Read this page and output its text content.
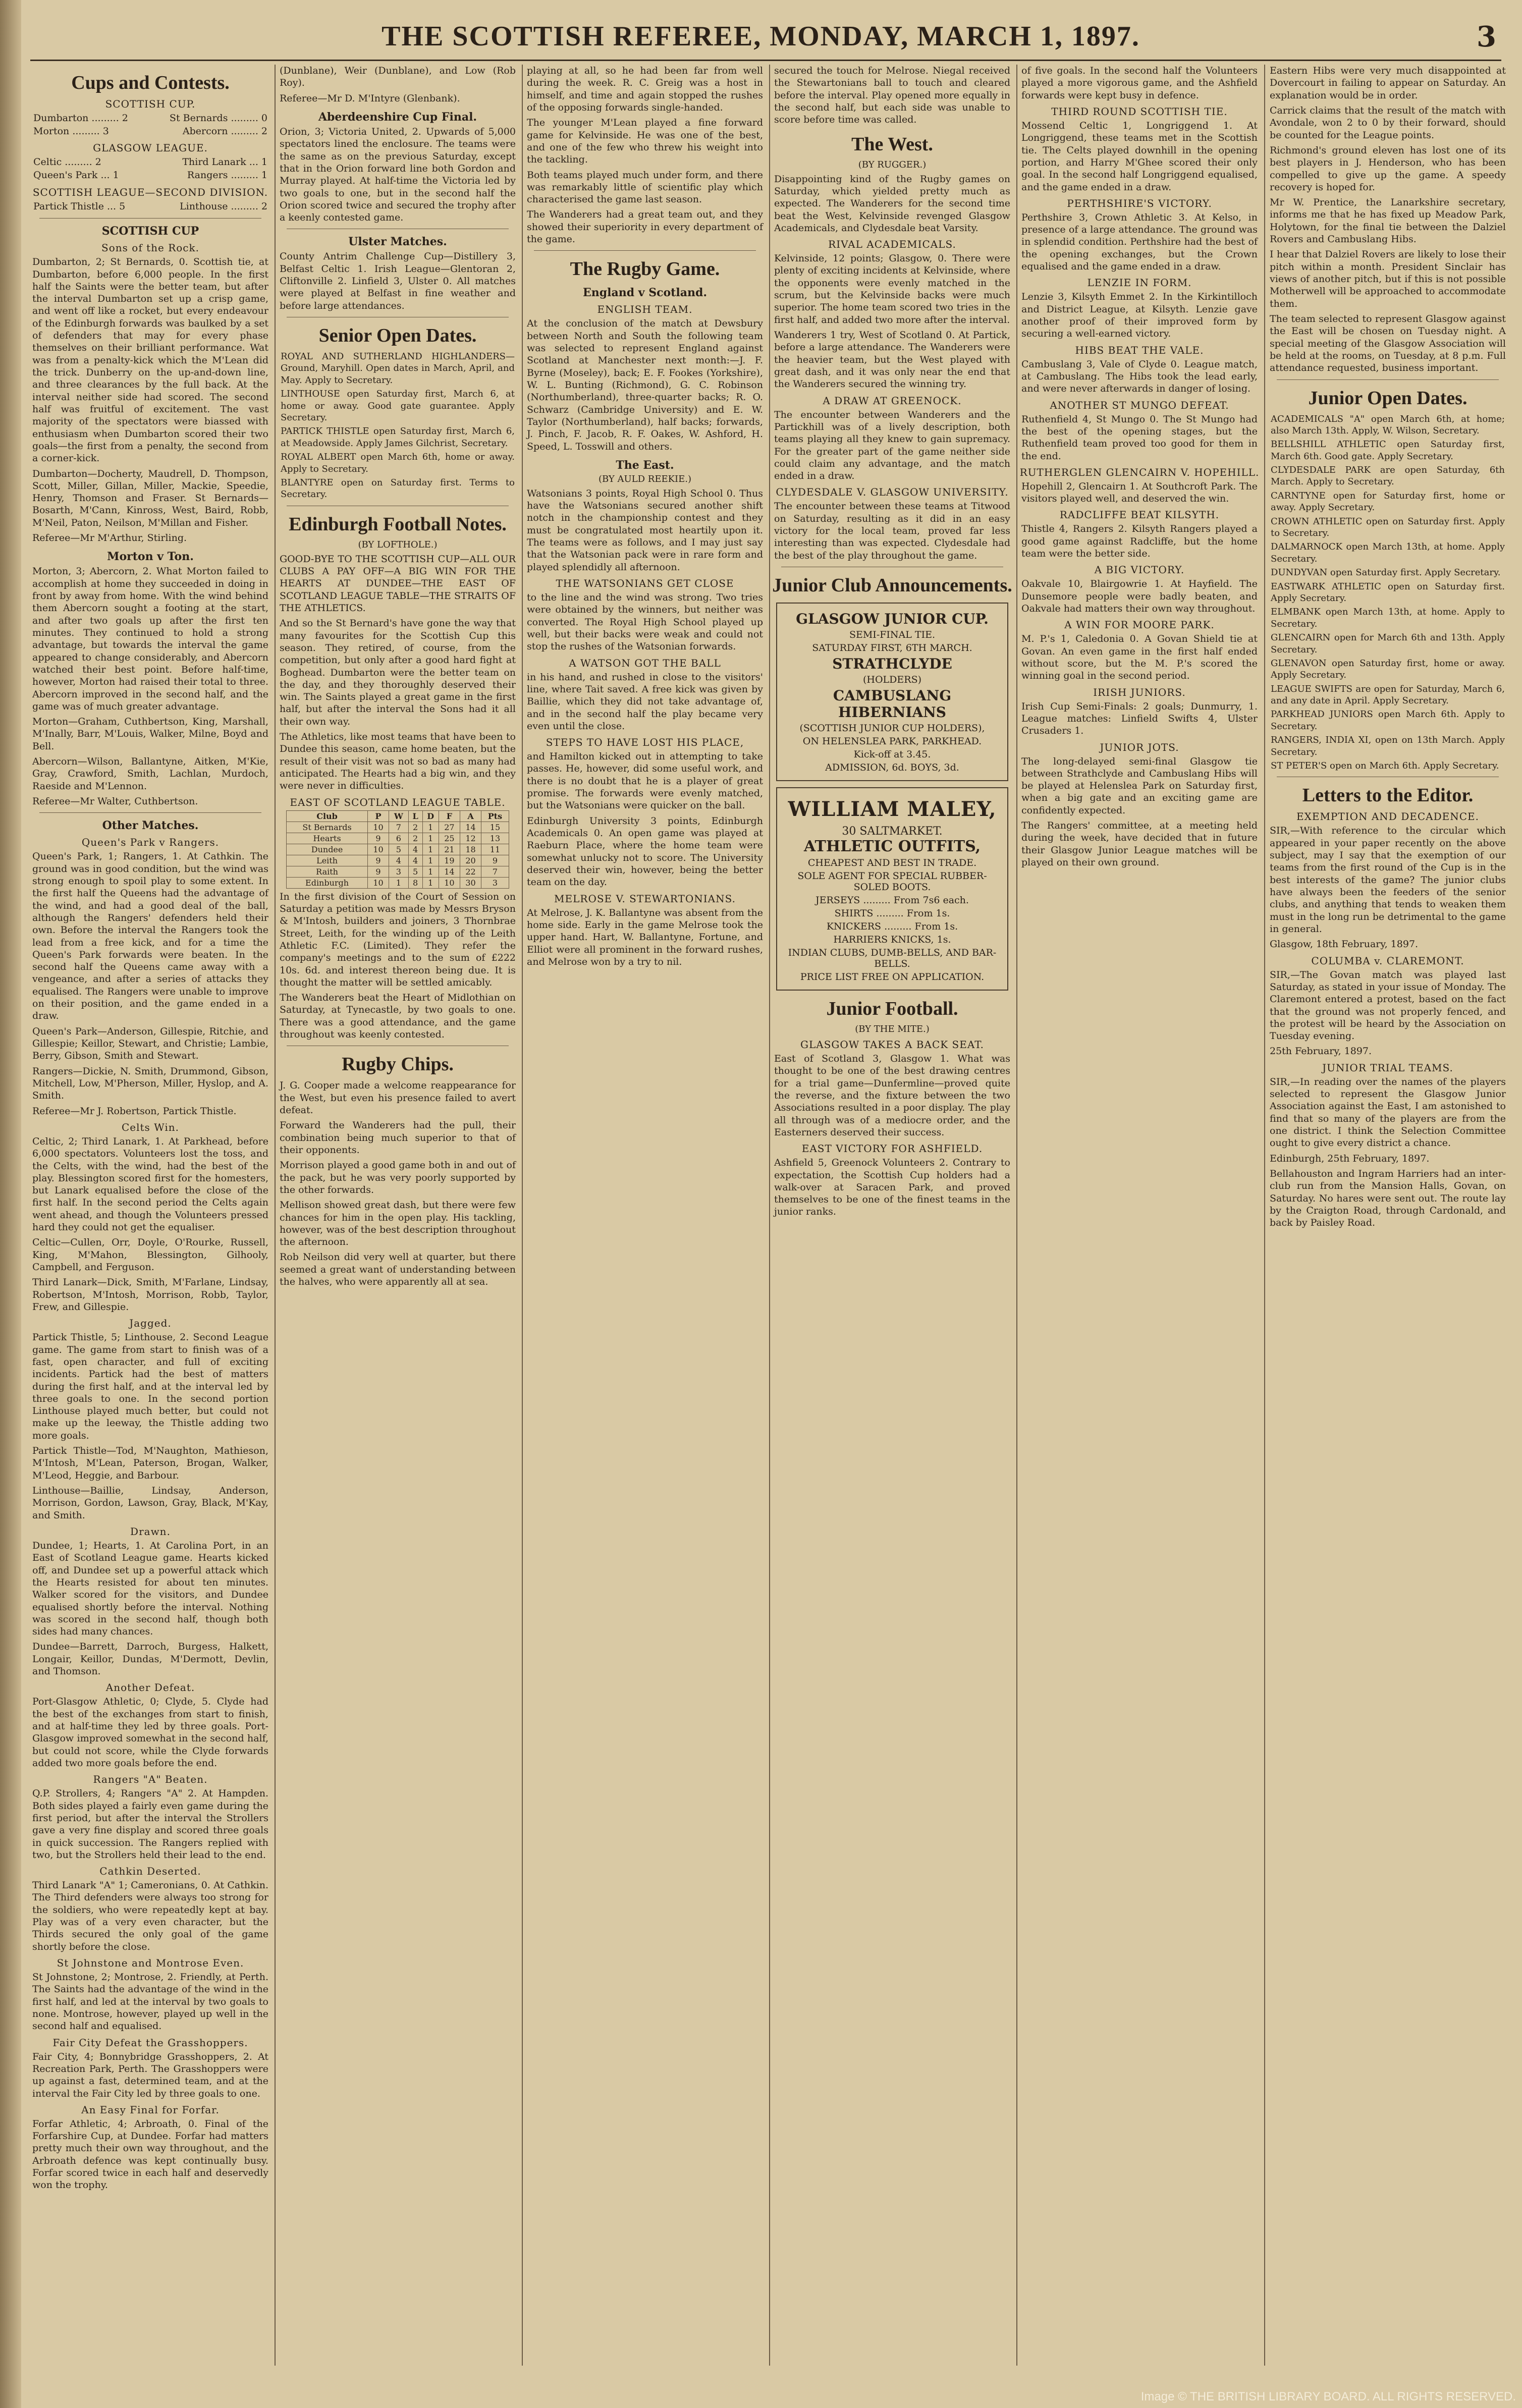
THE SCOTTISH REFEREE, MONDAY, MARCH 1, 1897.	3
Cups and Contests.
SCOTTISH CUP.
Dumbarton ......... 2	St Bernards ......... 0
Morton ......... 3	Abercorn ......... 2
GLASGOW LEAGUE.
Celtic ......... 2	Third Lanark ... 1
Queen's Park ... 1	Rangers ......... 1
SCOTTISH LEAGUE—SECOND DIVISION.
Partick Thistle ... 5	Linthouse ......... 2
SCOTTISH CUP
Sons of the Rock.

Dumbarton, 2; St Bernards, 0. Scottish tie, at Dumbarton, before 6,000 people. In the first half the Saints were the better team, but after the interval Dumbarton set up a crisp game, and went off like a rocket, but every endeavour of the Edinburgh forwards was baulked by a set of defenders that may for every phase themselves on their brilliant performance. Wat was from a penalty-kick which the M'Lean did the trick. Dunberry on the up-and-down line, and three clearances by the full back. At the interval neither side had scored. The second half was fruitful of excitement. The vast majority of the spectators were biassed with enthusiasm when Dumbarton scored their two goals—the first from a penalty, the second from a corner-kick.

Dumbarton—Docherty, Maudrell, D. Thompson, Scott, Miller, Gillan, Miller, Mackie, Speedie, Henry, Thomson and Fraser. St Bernards—Bosarth, M'Cann, Kinross, West, Baird, Robb, M'Neil, Paton, Neilson, M'Millan and Fisher.

Referee—Mr M'Arthur, Stirling.

Morton v Ton.

Morton, 3; Abercorn, 2. What Morton failed to accomplish at home they succeeded in doing in front by away from home. With the wind behind them Abercorn sought a footing at the start, and after two goals up after the first ten minutes. They continued to hold a strong advantage, but towards the interval the game appeared to change considerably, and Abercorn watched their best point. Before half-time, however, Morton had raised their total to three. Abercorn improved in the second half, and the game was of much greater advantage.

Morton—Graham, Cuthbertson, King, Marshall, M'Inally, Barr, M'Louis, Walker, Milne, Boyd and Bell.

Abercorn—Wilson, Ballantyne, Aitken, M'Kie, Gray, Crawford, Smith, Lachlan, Murdoch, Raeside and M'Lennon.

Referee—Mr Walter, Cuthbertson.

Other Matches.
Queen's Park v Rangers.

Queen's Park, 1; Rangers, 1. At Cathkin. The ground was in good condition, but the wind was strong enough to spoil play to some extent. In the first half the Queens had the advantage of the wind, and had a good deal of the ball, although the Rangers' defenders held their own. Before the interval the Rangers took the lead from a free kick, and for a time the Queen's Park forwards were beaten. In the second half the Queens came away with a vengeance, and after a series of attacks they equalised. The Rangers were unable to improve on their position, and the game ended in a draw.

Queen's Park—Anderson, Gillespie, Ritchie, and Gillespie; Keillor, Stewart, and Christie; Lambie, Berry, Gibson, Smith and Stewart.

Rangers—Dickie, N. Smith, Drummond, Gibson, Mitchell, Low, M'Pherson, Miller, Hyslop, and A. Smith.

Referee—Mr J. Robertson, Partick Thistle.

Celts Win.

Celtic, 2; Third Lanark, 1. At Parkhead, before 6,000 spectators. Volunteers lost the toss, and the Celts, with the wind, had the best of the play. Blessington scored first for the homesters, but Lanark equalised before the close of the first half. In the second period the Celts again went ahead, and though the Volunteers pressed hard they could not get the equaliser.

Celtic—Cullen, Orr, Doyle, O'Rourke, Russell, King, M'Mahon, Blessington, Gilhooly, Campbell, and Ferguson.

Third Lanark—Dick, Smith, M'Farlane, Lindsay, Robertson, M'Intosh, Morrison, Robb, Taylor, Frew, and Gillespie.

Jagged.

Partick Thistle, 5; Linthouse, 2. Second League game. The game from start to finish was of a fast, open character, and full of exciting incidents. Partick had the best of matters during the first half, and at the interval led by three goals to one. In the second portion Linthouse played much better, but could not make up the leeway, the Thistle adding two more goals.

Partick Thistle—Tod, M'Naughton, Mathieson, M'Intosh, M'Lean, Paterson, Brogan, Walker, M'Leod, Heggie, and Barbour.

Linthouse—Baillie, Lindsay, Anderson, Morrison, Gordon, Lawson, Gray, Black, M'Kay, and Smith.

Drawn.

Dundee, 1; Hearts, 1. At Carolina Port, in an East of Scotland League game. Hearts kicked off, and Dundee set up a powerful attack which the Hearts resisted for about ten minutes. Walker scored for the visitors, and Dundee equalised shortly before the interval. Nothing was scored in the second half, though both sides had many chances.

Dundee—Barrett, Darroch, Burgess, Halkett, Longair, Keillor, Dundas, M'Dermott, Devlin, and Thomson.

Another Defeat.

Port-Glasgow Athletic, 0; Clyde, 5. Clyde had the best of the exchanges from start to finish, and at half-time they led by three goals. Port-Glasgow improved somewhat in the second half, but could not score, while the Clyde forwards added two more goals before the end.

Rangers "A" Beaten.

Q.P. Strollers, 4; Rangers "A" 2. At Hampden. Both sides played a fairly even game during the first period, but after the interval the Strollers gave a very fine display and scored three goals in quick succession. The Rangers replied with two, but the Strollers held their lead to the end.

Cathkin Deserted.

Third Lanark "A" 1; Cameronians, 0. At Cathkin. The Third defenders were always too strong for the soldiers, who were repeatedly kept at bay. Play was of a very even character, but the Thirds secured the only goal of the game shortly before the close.

St Johnstone and Montrose Even.

St Johnstone, 2; Montrose, 2. Friendly, at Perth. The Saints had the advantage of the wind in the first half, and led at the interval by two goals to none. Montrose, however, played up well in the second half and equalised.

Fair City Defeat the Grasshoppers.

Fair City, 4; Bonnybridge Grasshoppers, 2. At Recreation Park, Perth. The Grasshoppers were up against a fast, determined team, and at the interval the Fair City led by three goals to one.

An Easy Final for Forfar.

Forfar Athletic, 4; Arbroath, 0. Final of the Forfarshire Cup, at Dundee. Forfar had matters pretty much their own way throughout, and the Arbroath defence was kept continually busy. Forfar scored twice in each half and deservedly won the trophy.

(Dunblane), Weir (Dunblane), and Low (Rob Roy).

Referee—Mr D. M'Intyre (Glenbank).

Aberdeenshire Cup Final.

Orion, 3; Victoria United, 2. Upwards of 5,000 spectators lined the enclosure. The teams were the same as on the previous Saturday, except that in the Orion forward line both Gordon and Murray played. At half-time the Victoria led by two goals to one, but in the second half the Orion scored twice and secured the trophy after a keenly contested game.

Ulster Matches.

County Antrim Challenge Cup—Distillery 3, Belfast Celtic 1. Irish League—Glentoran 2, Cliftonville 2. Linfield 3, Ulster 0. All matches were played at Belfast in fine weather and before large attendances.

Senior Open Dates.

ROYAL AND SUTHERLAND HIGHLANDERS—Ground, Maryhill. Open dates in March, April, and May. Apply to Secretary.

LINTHOUSE open Saturday first, March 6, at home or away. Good gate guarantee. Apply Secretary.

PARTICK THISTLE open Saturday first, March 6, at Meadowside. Apply James Gilchrist, Secretary.

ROYAL ALBERT open March 6th, home or away. Apply to Secretary.

BLANTYRE open on Saturday first. Terms to Secretary.

Edinburgh Football Notes.
(BY LOFTHOLE.)

GOOD-BYE TO THE SCOTTISH CUP—ALL OUR CLUBS A PAY OFF—A BIG WIN FOR THE HEARTS AT DUNDEE—THE EAST OF SCOTLAND LEAGUE TABLE—THE STRAITS OF THE ATHLETICS.

And so the St Bernard's have gone the way that many favourites for the Scottish Cup this season. They retired, of course, from the competition, but only after a good hard fight at Boghead. Dumbarton were the better team on the day, and they thoroughly deserved their win. The Saints played a great game in the first half, but after the interval the Sons had it all their own way.

The Athletics, like most teams that have been to Dundee this season, came home beaten, but the result of their visit was not so bad as many had anticipated. The Hearts had a big win, and they were never in difficulties.

EAST OF SCOTLAND LEAGUE TABLE.
Club	P	W	L	D	F	A	Pts
St Bernards	10	7	2	1	27	14	15
Hearts	9	6	2	1	25	12	13
Dundee	10	5	4	1	21	18	11
Leith	9	4	4	1	19	20	9
Raith	9	3	5	1	14	22	7
Edinburgh	10	1	8	1	10	30	3

In the first division of the Court of Session on Saturday a petition was made by Messrs Bryson & M'Intosh, builders and joiners, 3 Thornbrae Street, Leith, for the winding up of the Leith Athletic F.C. (Limited). They refer the company's meetings and to the sum of £222 10s. 6d. and interest thereon being due. It is thought the matter will be settled amicably.

The Wanderers beat the Heart of Midlothian on Saturday, at Tynecastle, by two goals to one. There was a good attendance, and the game throughout was keenly contested.

Rugby Chips.

J. G. Cooper made a welcome reappearance for the West, but even his presence failed to avert defeat.

Forward the Wanderers had the pull, their combination being much superior to that of their opponents.

Morrison played a good game both in and out of the pack, but he was very poorly supported by the other forwards.

Mellison showed great dash, but there were few chances for him in the open play. His tackling, however, was of the best description throughout the afternoon.

Rob Neilson did very well at quarter, but there seemed a great want of understanding between the halves, who were apparently all at sea.

playing at all, so he had been far from well during the week. R. C. Greig was a host in himself, and time and again stopped the rushes of the opposing forwards single-handed.

The younger M'Lean played a fine forward game for Kelvinside. He was one of the best, and one of the few who threw his weight into the tackling.

Both teams played much under form, and there was remarkably little of scientific play which characterised the game last season.

The Wanderers had a great team out, and they showed their superiority in every department of the game.

The Rugby Game.
England v Scotland.
ENGLISH TEAM.

At the conclusion of the match at Dewsbury between North and South the following team was selected to represent England against Scotland at Manchester next month:—J. F. Byrne (Moseley), back; E. F. Fookes (Yorkshire), W. L. Bunting (Richmond), G. C. Robinson (Northumberland), three-quarter backs; R. O. Schwarz (Cambridge University) and E. W. Taylor (Northumberland), half backs; forwards, J. Pinch, F. Jacob, R. F. Oakes, W. Ashford, H. Speed, L. Tosswill and others.

The East.
(BY AULD REEKIE.)

Watsonians 3 points, Royal High School 0. Thus have the Watsonians secured another shift notch in the championship contest and they must be congratulated most heartily upon it. The teams were as follows, and I may just say that the Watsonian pack were in rare form and played splendidly all afternoon.

THE WATSONIANS GET CLOSE

to the line and the wind was strong. Two tries were obtained by the winners, but neither was converted. The Royal High School played up well, but their backs were weak and could not stop the rushes of the Watsonian forwards.

A WATSON GOT THE BALL

in his hand, and rushed in close to the visitors' line, where Tait saved. A free kick was given by Baillie, which they did not take advantage of, and in the second half the play became very even until the close.

STEPS TO HAVE LOST HIS PLACE,

and Hamilton kicked out in attempting to take passes. He, however, did some useful work, and there is no doubt that he is a player of great promise. The forwards were evenly matched, but the Watsonians were quicker on the ball.

Edinburgh University 3 points, Edinburgh Academicals 0. An open game was played at Raeburn Place, where the home team were somewhat unlucky not to score. The University deserved their win, however, being the better team on the day.

MELROSE V. STEWARTONIANS.

At Melrose, J. K. Ballantyne was absent from the home side. Early in the game Melrose took the upper hand. Hart, W. Ballantyne, Fortune, and Elliot were all prominent in the forward rushes, and Melrose won by a try to nil.

secured the touch for Melrose. Niegal received the Stewartonians ball to touch and cleared before the interval. Play opened more equally in the second half, but each side was unable to score before time was called.

The West.
(BY RUGGER.)

Disappointing kind of the Rugby games on Saturday, which yielded pretty much as expected. The Wanderers for the second time beat the West, Kelvinside revenged Glasgow Academicals, and Clydesdale beat Varsity.

RIVAL ACADEMICALS.

Kelvinside, 12 points; Glasgow, 0. There were plenty of exciting incidents at Kelvinside, where the opponents were evenly matched in the scrum, but the Kelvinside backs were much superior. The home team scored two tries in the first half, and added two more after the interval.

Wanderers 1 try, West of Scotland 0. At Partick, before a large attendance. The Wanderers were the heavier team, but the West played with great dash, and it was only near the end that the Wanderers secured the winning try.

A DRAW AT GREENOCK.

The encounter between Wanderers and the Partickhill was of a lively description, both teams playing all they knew to gain supremacy. For the greater part of the game neither side could claim any advantage, and the match ended in a draw.

CLYDESDALE V. GLASGOW UNIVERSITY.

The encounter between these teams at Titwood on Saturday, resulting as it did in an easy victory for the local team, proved far less interesting than was expected. Clydesdale had the best of the play throughout the game.

Junior Club Announcements.
GLASGOW JUNIOR CUP.
SEMI-FINAL TIE.
SATURDAY FIRST, 6TH MARCH.
STRATHCLYDE
(HOLDERS)
CAMBUSLANG HIBERNIANS
(SCOTTISH JUNIOR CUP HOLDERS),
ON HELENSLEA PARK, PARKHEAD.
Kick-off at 3.45.
ADMISSION, 6d. BOYS, 3d.
WILLIAM MALEY,
30 SALTMARKET.
ATHLETIC OUTFITS,
CHEAPEST AND BEST IN TRADE.
SOLE AGENT FOR SPECIAL RUBBER-SOLED BOOTS.
JERSEYS ......... From 7s6 each.
SHIRTS ......... From 1s.
KNICKERS ......... From 1s.
HARRIERS KNICKS, 1s.
INDIAN CLUBS, DUMB-BELLS, AND BAR-BELLS.
PRICE LIST FREE ON APPLICATION.
Junior Football.
(BY THE MITE.)
GLASGOW TAKES A BACK SEAT.

East of Scotland 3, Glasgow 1. What was thought to be one of the best drawing centres for a trial game—Dunfermline—proved quite the reverse, and the fixture between the two Associations resulted in a poor display. The play all through was of a mediocre order, and the Easterners deserved their success.

EAST VICTORY FOR ASHFIELD.

Ashfield 5, Greenock Volunteers 2. Contrary to expectation, the Scottish Cup holders had a walk-over at Saracen Park, and proved themselves to be one of the finest teams in the junior ranks.

of five goals. In the second half the Volunteers played a more vigorous game, and the Ashfield forwards were kept busy in defence.

THIRD ROUND SCOTTISH TIE.

Mossend Celtic 1, Longriggend 1. At Longriggend, these teams met in the Scottish tie. The Celts played downhill in the opening portion, and Harry M'Ghee scored their only goal. In the second half Longriggend equalised, and the game ended in a draw.

PERTHSHIRE'S VICTORY.

Perthshire 3, Crown Athletic 3. At Kelso, in presence of a large attendance. The ground was in splendid condition. Perthshire had the best of the opening exchanges, but the Crown equalised and the game ended in a draw.

LENZIE IN FORM.

Lenzie 3, Kilsyth Emmet 2. In the Kirkintilloch and District League, at Kilsyth. Lenzie gave another proof of their improved form by securing a well-earned victory.

HIBS BEAT THE VALE.

Cambuslang 3, Vale of Clyde 0. League match, at Cambuslang. The Hibs took the lead early, and were never afterwards in danger of losing.

ANOTHER ST MUNGO DEFEAT.

Ruthenfield 4, St Mungo 0. The St Mungo had the best of the opening stages, but the Ruthenfield team proved too good for them in the end.

RUTHERGLEN GLENCAIRN V. HOPEHILL.

Hopehill 2, Glencairn 1. At Southcroft Park. The visitors played well, and deserved the win.

RADCLIFFE BEAT KILSYTH.

Thistle 4, Rangers 2. Kilsyth Rangers played a good game against Radcliffe, but the home team were the better side.

A BIG VICTORY.

Oakvale 10, Blairgowrie 1. At Hayfield. The Dunsemore people were badly beaten, and Oakvale had matters their own way throughout.

A WIN FOR MOORE PARK.

M. P.'s 1, Caledonia 0. A Govan Shield tie at Govan. An even game in the first half ended without score, but the M. P.'s scored the winning goal in the second period.

IRISH JUNIORS.

Irish Cup Semi-Finals: 2 goals; Dunmurry, 1. League matches: Linfield Swifts 4, Ulster Crusaders 1.

JUNIOR JOTS.

The long-delayed semi-final Glasgow tie between Strathclyde and Cambuslang Hibs will be played at Helenslea Park on Saturday first, when a big gate and an exciting game are confidently expected.

The Rangers' committee, at a meeting held during the week, have decided that in future their Glasgow Junior League matches will be played on their own ground.

Eastern Hibs were very much disappointed at Dovercourt in failing to appear on Saturday. An explanation would be in order.

Carrick claims that the result of the match with Avondale, won 2 to 0 by their forward, should be counted for the League points.

Richmond's ground eleven has lost one of its best players in J. Henderson, who has been compelled to give up the game. A speedy recovery is hoped for.

Mr W. Prentice, the Lanarkshire secretary, informs me that he has fixed up Meadow Park, Holytown, for the final tie between the Dalziel Rovers and Cambuslang Hibs.

I hear that Dalziel Rovers are likely to lose their pitch within a month. President Sinclair has views of another pitch, but if this is not possible Motherwell will be approached to accommodate them.

The team selected to represent Glasgow against the East will be chosen on Tuesday night. A special meeting of the Glasgow Association will be held at the rooms, on Tuesday, at 8 p.m. Full attendance requested, business important.

Junior Open Dates.

ACADEMICALS "A" open March 6th, at home; also March 13th. Apply, W. Wilson, Secretary.

BELLSHILL ATHLETIC open Saturday first, March 6th. Good gate. Apply Secretary.

CLYDESDALE PARK are open Saturday, 6th March. Apply to Secretary.

CARNTYNE open for Saturday first, home or away. Apply Secretary.

CROWN ATHLETIC open on Saturday first. Apply to Secretary.

DALMARNOCK open March 13th, at home. Apply Secretary.

DUNDYVAN open Saturday first. Apply Secretary.

EASTWARK ATHLETIC open on Saturday first. Apply Secretary.

ELMBANK open March 13th, at home. Apply to Secretary.

GLENCAIRN open for March 6th and 13th. Apply Secretary.

GLENAVON open Saturday first, home or away. Apply Secretary.

LEAGUE SWIFTS are open for Saturday, March 6, and any date in April. Apply Secretary.

PARKHEAD JUNIORS open March 6th. Apply to Secretary.

RANGERS, INDIA XI, open on 13th March. Apply Secretary.

ST PETER'S open on March 6th. Apply Secretary.

Letters to the Editor.
EXEMPTION AND DECADENCE.

SIR,—With reference to the circular which appeared in your paper recently on the above subject, may I say that the exemption of our teams from the first round of the Cup is in the best interests of the game? The junior clubs have always been the feeders of the senior clubs, and anything that tends to weaken them must in the long run be detrimental to the game in general.

Glasgow, 18th February, 1897.

COLUMBA v. CLAREMONT.

SIR,—The Govan match was played last Saturday, as stated in your issue of Monday. The Claremont entered a protest, based on the fact that the ground was not properly fenced, and the protest will be heard by the Association on Tuesday evening.

25th February, 1897.

JUNIOR TRIAL TEAMS.

SIR,—In reading over the names of the players selected to represent the Glasgow Junior Association against the East, I am astonished to find that so many of the players are from the one district. I think the Selection Committee ought to give every district a chance.

Edinburgh, 25th February, 1897.

Bellahouston and Ingram Harriers had an inter-club run from the Mansion Halls, Govan, on Saturday. No hares were sent out. The route lay by the Craigton Road, through Cardonald, and back by Paisley Road.

Image © THE BRITISH LIBRARY BOARD. ALL RIGHTS RESERVED.
